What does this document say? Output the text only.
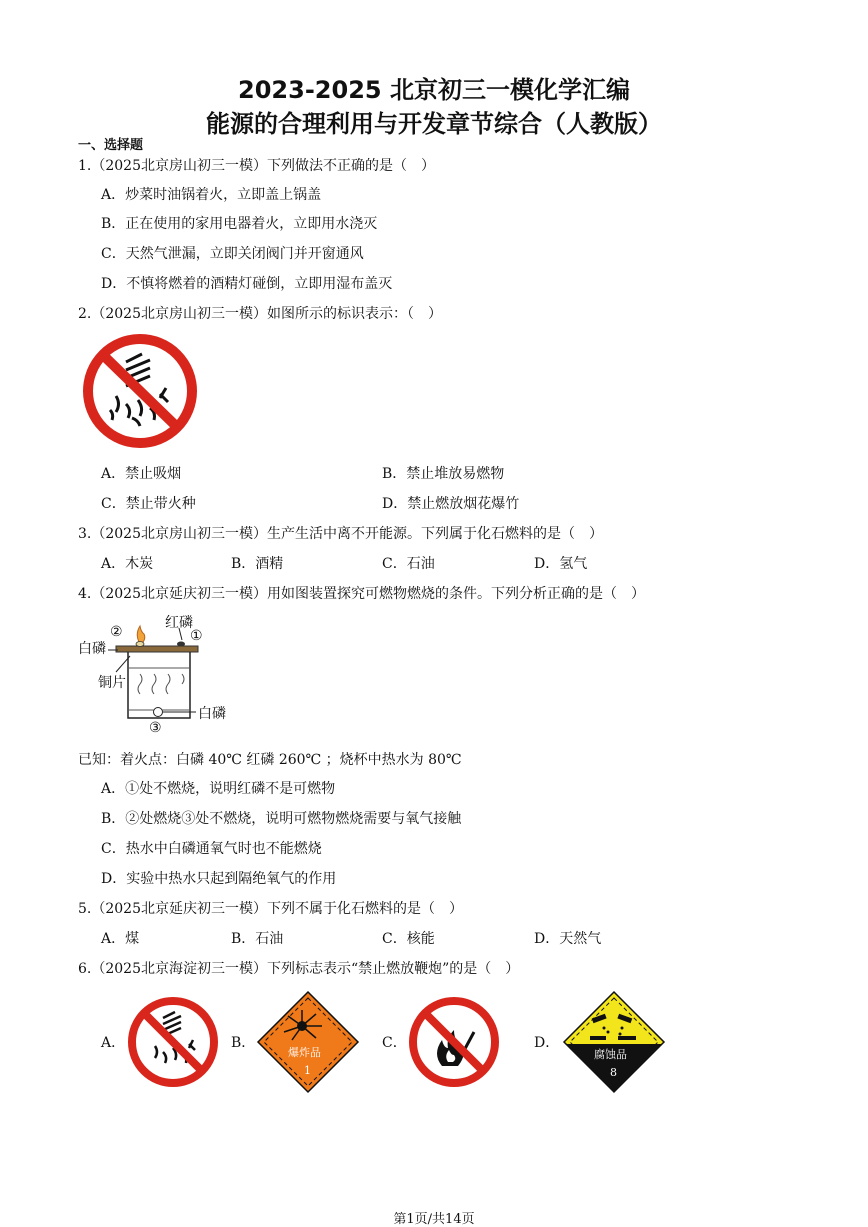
2023-2025 北京初三一模化学汇编
能源的合理利用与开发章节综合（人教版）
一、选择题
1.（2025北京房山初三一模）下列做法不正确的是（　）
A．炒菜时油锅着火，立即盖上锅盖
B．正在使用的家用电器着火，立即用水浇灭
C．天然气泄漏，立即关闭阀门并开窗通风
D．不慎将燃着的酒精灯碰倒，立即用湿布盖灭
2.（2025北京房山初三一模）如图所示的标识表示：（　）
A．禁止吸烟	B．禁止堆放易燃物
C．禁止带火种	D．禁止燃放烟花爆竹
3.（2025北京房山初三一模）生产生活中离不开能源。下列属于化石燃料的是（　）
A．木炭	B．酒精	C．石油	D．氢气
4.（2025北京延庆初三一模）用如图装置探究可燃物燃烧的条件。下列分析正确的是（　）
红磷
①
②
白磷
铜片
白磷
③
已知：着火点：白磷 40℃ 红磷 260℃ ；烧杯中热水为 80℃
A．①处不燃烧，说明红磷不是可燃物
B．②处燃烧③处不燃烧，说明可燃物燃烧需要与氧气接触
C．热水中白磷通氧气时也不能燃烧
D．实验中热水只起到隔绝氧气的作用
5.（2025北京延庆初三一模）下列不属于化石燃料的是（　）
A．煤	B．石油	C．核能	D．天然气
6.（2025北京海淀初三一模）下列标志表示“禁止燃放鞭炮”的是（　）
A．	B．
爆炸品
1
C．	D．
腐蚀品
8
第1页/共14页
